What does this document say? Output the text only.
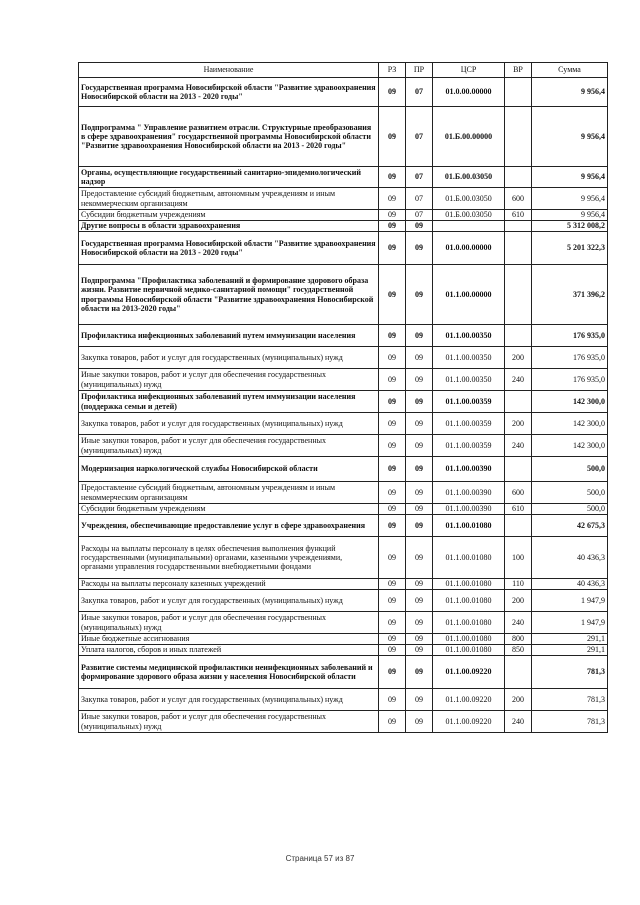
Наименование	РЗ	ПР	ЦСР	ВР	Сумма
Государственная программа Новосибирской области "Развитие здравоохранения Новосибирской области на 2013 - 2020 годы"	09	07	01.0.00.00000		9 956,4
Подпрограмма " Управление развитием отрасли. Структурные преобразования в сфере здравоохранения" государственной программы Новосибирской области "Развитие здравоохранения Новосибирской области на 2013 - 2020 годы"	09	07	01.Б.00.00000		9 956,4
Органы, осуществляющие государственный санитарно-эпидемиологический надзор	09	07	01.Б.00.03050		9 956,4
Предоставление субсидий бюджетным, автономным учреждениям и иным некоммерческим организациям	09	07	01.Б.00.03050	600	9 956,4
Субсидии бюджетным учреждениям	09	07	01.Б.00.03050	610	9 956,4
Другие вопросы в области здравоохранения	09	09			5 312 008,2
Государственная программа Новосибирской области "Развитие здравоохранения Новосибирской области на 2013 - 2020 годы"	09	09	01.0.00.00000		5 201 322,3
Подпрограмма "Профилактика заболеваний и формирование здорового образа жизни. Развитие первичной медико-санитарной помощи" государственной программы Новосибирской области "Развитие здравоохранения Новосибирской области на 2013-2020 годы"	09	09	01.1.00.00000		371 396,2
Профилактика инфекционных заболеваний путем иммунизации населения	09	09	01.1.00.00350		176 935,0
Закупка товаров, работ и услуг для государственных (муниципальных) нужд	09	09	01.1.00.00350	200	176 935,0
Иные закупки товаров, работ и услуг для обеспечения государственных (муниципальных) нужд	09	09	01.1.00.00350	240	176 935,0
Профилактика инфекционных заболеваний путем иммунизации населения (поддержка семьи и детей)	09	09	01.1.00.00359		142 300,0
Закупка товаров, работ и услуг для государственных (муниципальных) нужд	09	09	01.1.00.00359	200	142 300,0
Иные закупки товаров, работ и услуг для обеспечения государственных (муниципальных) нужд	09	09	01.1.00.00359	240	142 300,0
Модернизация наркологической службы Новосибирской области	09	09	01.1.00.00390		500,0
Предоставление субсидий бюджетным, автономным учреждениям и иным некоммерческим организациям	09	09	01.1.00.00390	600	500,0
Субсидии бюджетным учреждениям	09	09	01.1.00.00390	610	500,0
Учреждения, обеспечивающие предоставление услуг в сфере здравоохранения	09	09	01.1.00.01080		42 675,3
Расходы на выплаты персоналу в целях обеспечения выполнения функций государственными (муниципальными) органами, казенными учреждениями, органами управления государственными внебюджетными фондами	09	09	01.1.00.01080	100	40 436,3
Расходы на выплаты персоналу казенных учреждений	09	09	01.1.00.01080	110	40 436,3
Закупка товаров, работ и услуг для государственных (муниципальных) нужд	09	09	01.1.00.01080	200	1 947,9
Иные закупки товаров, работ и услуг для обеспечения государственных (муниципальных) нужд	09	09	01.1.00.01080	240	1 947,9
Иные бюджетные ассигнования	09	09	01.1.00.01080	800	291,1
Уплата налогов, сборов и иных платежей	09	09	01.1.00.01080	850	291,1
Развитие системы медицинской профилактики неинфекционных заболеваний и формирование здорового образа жизни у населения Новосибирской области	09	09	01.1.00.09220		781,3
Закупка товаров, работ и услуг для государственных (муниципальных) нужд	09	09	01.1.00.09220	200	781,3
Иные закупки товаров, работ и услуг для обеспечения государственных (муниципальных) нужд	09	09	01.1.00.09220	240	781,3
Страница 57 из 87
